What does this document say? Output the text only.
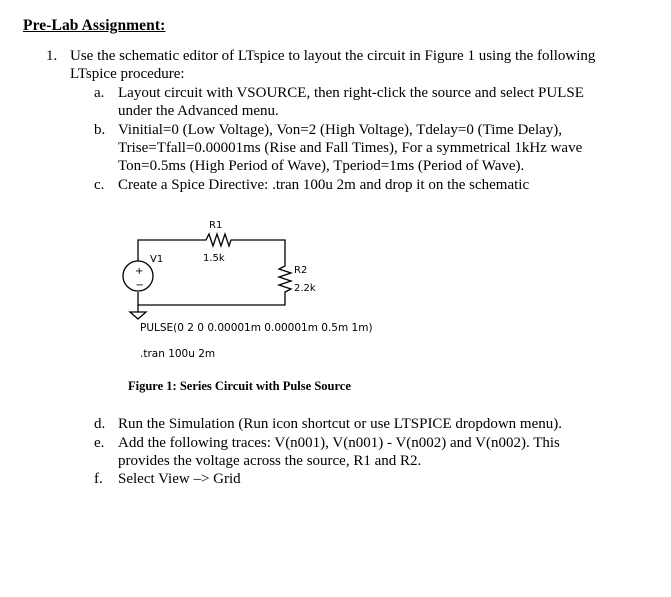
Pre-Lab Assignment:
1. Use the schematic editor of LTspice to layout the circuit in Figure 1 using the following
LTspice procedure:
a. Layout circuit with VSOURCE, then right-click the source and select PULSE
under the Advanced menu.
b. Vinitial=0 (Low Voltage), Von=2 (High Voltage), Tdelay=0 (Time Delay),
Trise=Tfall=0.00001ms (Rise and Fall Times), For a symmetrical 1kHz wave
Ton=0.5ms (High Period of Wave), Tperiod=1ms (Period of Wave).
c. Create a Spice Directive: .tran 100u 2m and drop it on the schematic
+
−
V1
R1
1.5k
R2
2.2k
PULSE(0 2 0 0.00001m 0.00001m 0.5m 1m)
.tran 100u 2m
Figure 1: Series Circuit with Pulse Source
d. Run the Simulation (Run icon shortcut or use LTSPICE dropdown menu).
e. Add the following traces: V(n001), V(n001) - V(n002) and V(n002). This
provides the voltage across the source, R1 and R2.
f. Select View –> Grid
